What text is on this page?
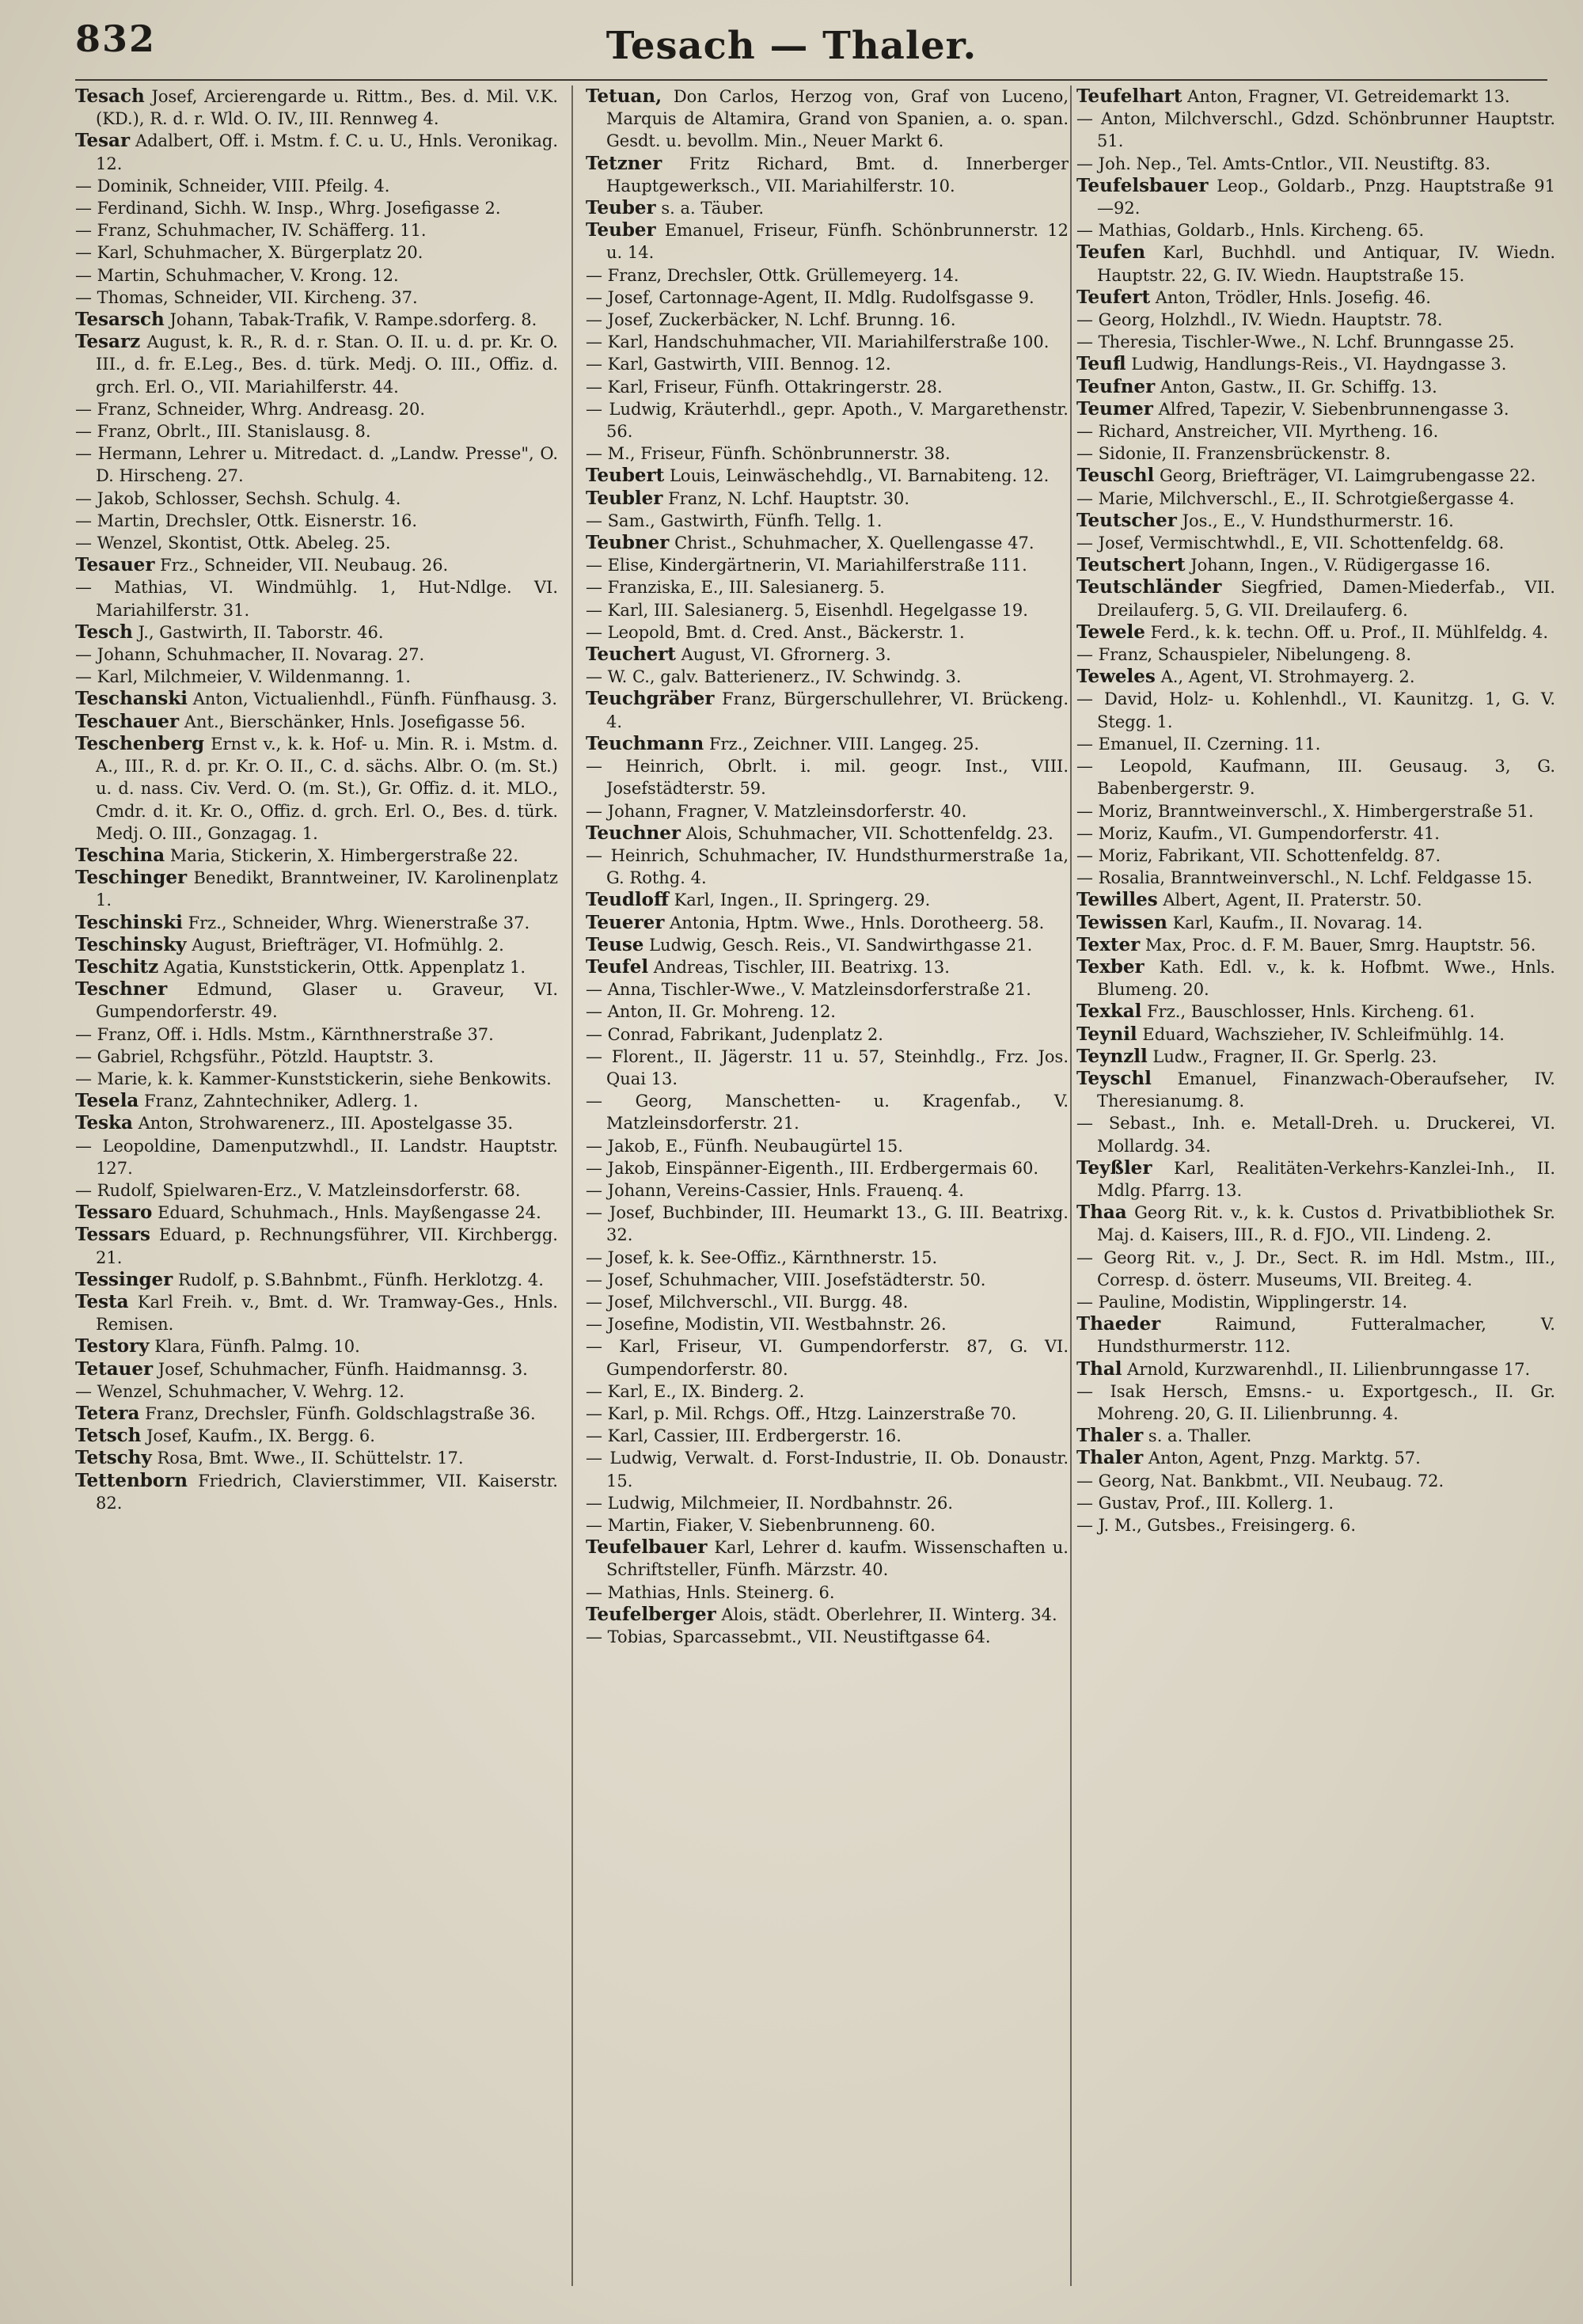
832	Tesach — Thaler.

Tesach Josef, Arcierengarde u. Rittm., Bes. d. Mil. V.K. (KD.), R. d. r. Wld. O. IV., III. Rennweg 4.

Tesar Adalbert, Off. i. Mstm. f. C. u. U., Hnls. Veronikag. 12.

— Dominik, Schneider, VIII. Pfeilg. 4.

— Ferdinand, Sichh. W. Insp., Whrg. Josefigasse 2.

— Franz, Schuhmacher, IV. Schäfferg. 11.

— Karl, Schuhmacher, X. Bürgerplatz 20.

— Martin, Schuhmacher, V. Krong. 12.

— Thomas, Schneider, VII. Kircheng. 37.

Tesarsch Johann, Tabak-Trafik, V. Rampe.sdorferg. 8.

Tesarz August, k. R., R. d. r. Stan. O. II. u. d. pr. Kr. O. III., d. fr. E.Leg., Bes. d. türk. Medj. O. III., Offiz. d. grch. Erl. O., VII. Mariahilferstr. 44.

— Franz, Schneider, Whrg. Andreasg. 20.

— Franz, Obrlt., III. Stanislausg. 8.

— Hermann, Lehrer u. Mitredact. d. „Landw. Presse", O. D. Hirscheng. 27.

— Jakob, Schlosser, Sechsh. Schulg. 4.

— Martin, Drechsler, Ottk. Eisnerstr. 16.

— Wenzel, Skontist, Ottk. Abeleg. 25.

Tesauer Frz., Schneider, VII. Neubaug. 26.

— Mathias, VI. Windmühlg. 1, Hut-Ndlge. VI. Mariahilferstr. 31.

Tesch J., Gastwirth, II. Taborstr. 46.

— Johann, Schuhmacher, II. Novarag. 27.

— Karl, Milchmeier, V. Wildenmanng. 1.

Teschanski Anton, Victualienhdl., Fünfh. Fünfhausg. 3.

Teschauer Ant., Bierschänker, Hnls. Josefigasse 56.

Teschenberg Ernst v., k. k. Hof- u. Min. R. i. Mstm. d. A., III., R. d. pr. Kr. O. II., C. d. sächs. Albr. O. (m. St.) u. d. nass. Civ. Verd. O. (m. St.), Gr. Offiz. d. it. MLO., Cmdr. d. it. Kr. O., Offiz. d. grch. Erl. O., Bes. d. türk. Medj. O. III., Gonzagag. 1.

Teschina Maria, Stickerin, X. Himbergerstraße 22.

Teschinger Benedikt, Branntweiner, IV. Karolinenplatz 1.

Teschinski Frz., Schneider, Whrg. Wienerstraße 37.

Teschinsky August, Briefträger, VI. Hofmühlg. 2.

Teschitz Agatia, Kunststickerin, Ottk. Appenplatz 1.

Teschner Edmund, Glaser u. Graveur, VI. Gumpendorferstr. 49.

— Franz, Off. i. Hdls. Mstm., Kärnthnerstraße 37.

— Gabriel, Rchgsführ., Pötzld. Hauptstr. 3.

— Marie, k. k. Kammer-Kunststickerin, siehe Benkowits.

Tesela Franz, Zahntechniker, Adlerg. 1.

Teska Anton, Strohwarenerz., III. Apostelgasse 35.

— Leopoldine, Damenputzwhdl., II. Landstr. Hauptstr. 127.

— Rudolf, Spielwaren-Erz., V. Matzleinsdorferstr. 68.

Tessaro Eduard, Schuhmach., Hnls. Mayßengasse 24.

Tessars Eduard, p. Rechnungsführer, VII. Kirchbergg. 21.

Tessinger Rudolf, p. S.Bahnbmt., Fünfh. Herklotzg. 4.

Testa Karl Freih. v., Bmt. d. Wr. Tramway-Ges., Hnls. Remisen.

Testory Klara, Fünfh. Palmg. 10.

Tetauer Josef, Schuhmacher, Fünfh. Haidmannsg. 3.

— Wenzel, Schuhmacher, V. Wehrg. 12.

Tetera Franz, Drechsler, Fünfh. Goldschlagstraße 36.

Tetsch Josef, Kaufm., IX. Bergg. 6.

Tetschy Rosa, Bmt. Wwe., II. Schüttelstr. 17.

Tettenborn Friedrich, Clavierstimmer, VII. Kaiserstr. 82.

Tetuan, Don Carlos, Herzog von, Graf von Luceno, Marquis de Altamira, Grand von Spanien, a. o. span. Gesdt. u. bevollm. Min., Neuer Markt 6.

Tetzner Fritz Richard, Bmt. d. Innerberger Hauptgewerksch., VII. Mariahilferstr. 10.

Teuber s. a. Täuber.

Teuber Emanuel, Friseur, Fünfh. Schönbrunnerstr. 12 u. 14.

— Franz, Drechsler, Ottk. Grüllemeyerg. 14.

— Josef, Cartonnage-Agent, II. Mdlg. Rudolfsgasse 9.

— Josef, Zuckerbäcker, N. Lchf. Brunng. 16.

— Karl, Handschuhmacher, VII. Mariahilferstraße 100.

— Karl, Gastwirth, VIII. Bennog. 12.

— Karl, Friseur, Fünfh. Ottakringerstr. 28.

— Ludwig, Kräuterhdl., gepr. Apoth., V. Margarethenstr. 56.

— M., Friseur, Fünfh. Schönbrunnerstr. 38.

Teubert Louis, Leinwäschehdlg., VI. Barnabiteng. 12.

Teubler Franz, N. Lchf. Hauptstr. 30.

— Sam., Gastwirth, Fünfh. Tellg. 1.

Teubner Christ., Schuhmacher, X. Quellengasse 47.

— Elise, Kindergärtnerin, VI. Mariahilferstraße 111.

— Franziska, E., III. Salesianerg. 5.

— Karl, III. Salesianerg. 5, Eisenhdl. Hegelgasse 19.

— Leopold, Bmt. d. Cred. Anst., Bäckerstr. 1.

Teuchert August, VI. Gfrornerg. 3.

— W. C., galv. Batterienerz., IV. Schwindg. 3.

Teuchgräber Franz, Bürgerschullehrer, VI. Brückeng. 4.

Teuchmann Frz., Zeichner. VIII. Langeg. 25.

— Heinrich, Obrlt. i. mil. geogr. Inst., VIII. Josefstädterstr. 59.

— Johann, Fragner, V. Matzleinsdorferstr. 40.

Teuchner Alois, Schuhmacher, VII. Schottenfeldg. 23.

— Heinrich, Schuhmacher, IV. Hundsthurmerstraße 1a, G. Rothg. 4.

Teudloff Karl, Ingen., II. Springerg. 29.

Teuerer Antonia, Hptm. Wwe., Hnls. Dorotheerg. 58.

Teuse Ludwig, Gesch. Reis., VI. Sandwirthgasse 21.

Teufel Andreas, Tischler, III. Beatrixg. 13.

— Anna, Tischler-Wwe., V. Matzleinsdorferstraße 21.

— Anton, II. Gr. Mohreng. 12.

— Conrad, Fabrikant, Judenplatz 2.

— Florent., II. Jägerstr. 11 u. 57, Steinhdlg., Frz. Jos. Quai 13.

— Georg, Manschetten- u. Kragenfab., V. Matzleinsdorferstr. 21.

— Jakob, E., Fünfh. Neubaugürtel 15.

— Jakob, Einspänner-Eigenth., III. Erdbergermais 60.

— Johann, Vereins-Cassier, Hnls. Frauenq. 4.

— Josef, Buchbinder, III. Heumarkt 13., G. III. Beatrixg. 32.

— Josef, k. k. See-Offiz., Kärnthnerstr. 15.

— Josef, Schuhmacher, VIII. Josefstädterstr. 50.

— Josef, Milchverschl., VII. Burgg. 48.

— Josefine, Modistin, VII. Westbahnstr. 26.

— Karl, Friseur, VI. Gumpendorferstr. 87, G. VI. Gumpendorferstr. 80.

— Karl, E., IX. Binderg. 2.

— Karl, p. Mil. Rchgs. Off., Htzg. Lainzerstraße 70.

— Karl, Cassier, III. Erdbergerstr. 16.

— Ludwig, Verwalt. d. Forst-Industrie, II. Ob. Donaustr. 15.

— Ludwig, Milchmeier, II. Nordbahnstr. 26.

— Martin, Fiaker, V. Siebenbrunneng. 60.

Teufelbauer Karl, Lehrer d. kaufm. Wissenschaften u. Schriftsteller, Fünfh. Märzstr. 40.

— Mathias, Hnls. Steinerg. 6.

Teufelberger Alois, städt. Oberlehrer, II. Winterg. 34.

— Tobias, Sparcassebmt., VII. Neustiftgasse 64.

Teufelhart Anton, Fragner, VI. Getreidemarkt 13.

— Anton, Milchverschl., Gdzd. Schönbrunner Hauptstr. 51.

— Joh. Nep., Tel. Amts-Cntlor., VII. Neustiftg. 83.

Teufelsbauer Leop., Goldarb., Pnzg. Hauptstraße 91—92.

— Mathias, Goldarb., Hnls. Kircheng. 65.

Teufen Karl, Buchhdl. und Antiquar, IV. Wiedn. Hauptstr. 22, G. IV. Wiedn. Hauptstraße 15.

Teufert Anton, Trödler, Hnls. Josefig. 46.

— Georg, Holzhdl., IV. Wiedn. Hauptstr. 78.

— Theresia, Tischler-Wwe., N. Lchf. Brunngasse 25.

Teufl Ludwig, Handlungs-Reis., VI. Haydngasse 3.

Teufner Anton, Gastw., II. Gr. Schiffg. 13.

Teumer Alfred, Tapezir, V. Siebenbrunnengasse 3.

— Richard, Anstreicher, VII. Myrtheng. 16.

— Sidonie, II. Franzensbrückenstr. 8.

Teuschl Georg, Briefträger, VI. Laimgrubengasse 22.

— Marie, Milchverschl., E., II. Schrotgießergasse 4.

Teutscher Jos., E., V. Hundsthurmerstr. 16.

— Josef, Vermischtwhdl., E, VII. Schottenfeldg. 68.

Teutschert Johann, Ingen., V. Rüdigergasse 16.

Teutschländer Siegfried, Damen-Miederfab., VII. Dreilauferg. 5, G. VII. Dreilauferg. 6.

Tewele Ferd., k. k. techn. Off. u. Prof., II. Mühlfeldg. 4.

— Franz, Schauspieler, Nibelungeng. 8.

Teweles A., Agent, VI. Strohmayerg. 2.

— David, Holz- u. Kohlenhdl., VI. Kaunitzg. 1, G. V. Stegg. 1.

— Emanuel, II. Czerning. 11.

— Leopold, Kaufmann, III. Geusaug. 3, G. Babenbergerstr. 9.

— Moriz, Branntweinverschl., X. Himbergerstraße 51.

— Moriz, Kaufm., VI. Gumpendorferstr. 41.

— Moriz, Fabrikant, VII. Schottenfeldg. 87.

— Rosalia, Branntweinverschl., N. Lchf. Feldgasse 15.

Tewilles Albert, Agent, II. Praterstr. 50.

Tewissen Karl, Kaufm., II. Novarag. 14.

Texter Max, Proc. d. F. M. Bauer, Smrg. Hauptstr. 56.

Texber Kath. Edl. v., k. k. Hofbmt. Wwe., Hnls. Blumeng. 20.

Texkal Frz., Bauschlosser, Hnls. Kircheng. 61.

Teynil Eduard, Wachszieher, IV. Schleifmühlg. 14.

Teynzll Ludw., Fragner, II. Gr. Sperlg. 23.

Teyschl Emanuel, Finanzwach-Oberaufseher, IV. Theresianumg. 8.

— Sebast., Inh. e. Metall-Dreh. u. Druckerei, VI. Mollardg. 34.

Teyßler Karl, Realitäten-Verkehrs-Kanzlei-Inh., II. Mdlg. Pfarrg. 13.

Thaa Georg Rit. v., k. k. Custos d. Privatbibliothek Sr. Maj. d. Kaisers, III., R. d. FJO., VII. Lindeng. 2.

— Georg Rit. v., J. Dr., Sect. R. im Hdl. Mstm., III., Corresp. d. österr. Museums, VII. Breiteg. 4.

— Pauline, Modistin, Wipplingerstr. 14.

Thaeder	Raimund, Futteralmacher, V. Hundsthurmerstr. 112.

Thal Arnold, Kurzwarenhdl., II. Lilienbrunngasse 17.

— Isak Hersch, Emsns.- u. Exportgesch., II. Gr. Mohreng. 20, G. II. Lilienbrunng. 4.

Thaler s. a. Thaller.

Thaler Anton, Agent, Pnzg. Marktg. 57.

— Georg, Nat. Bankbmt., VII. Neubaug. 72.

— Gustav, Prof., III. Kollerg. 1.

— J. M., Gutsbes., Freisingerg. 6.
